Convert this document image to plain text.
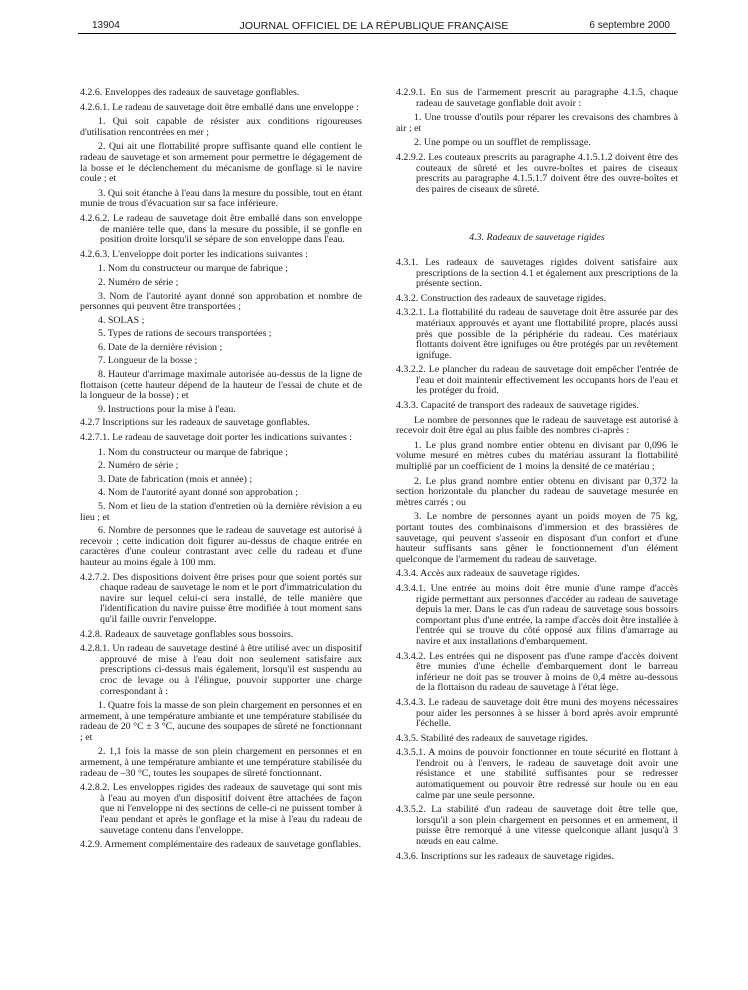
13904	JOURNAL OFFICIEL DE LA RÉPUBLIQUE FRANÇAISE	6 septembre 2000

4.2.6. Enveloppes des radeaux de sauvetage gonflables.

4.2.6.1. Le radeau de sauvetage doit être emballé dans une enveloppe :

1. Qui soit capable de résister aux conditions rigoureuses d'utilisation rencontrées en mer ;

2. Qui ait une flottabilité propre suffisante quand elle contient le radeau de sauvetage et son armement pour permettre le dégagement de la bosse et le déclenchement du mécanisme de gonflage si le navire coule ; et

3. Qui soit étanche à l'eau dans la mesure du possible, tout en étant munie de trous d'évacuation sur sa face inférieure.

4.2.6.2. Le radeau de sauvetage doit être emballé dans son enveloppe de manière telle que, dans la mesure du possible, il se gonfle en position droite lorsqu'il se sépare de son enveloppe dans l'eau.

4.2.6.3. L'enveloppe doit porter les indications suivantes :

1. Nom du constructeur ou marque de fabrique ;

2. Numéro de série ;

3. Nom de l'autorité ayant donné son approbation et nombre de personnes qui peuvent être transportées ;

4. SOLAS ;

5. Types de rations de secours transportées ;

6. Date de la dernière révision ;

7. Longueur de la bosse ;

8. Hauteur d'arrimage maximale autorisée au-dessus de la ligne de flottaison (cette hauteur dépend de la hauteur de l'essai de chute et de la longueur de la bosse) ; et

9. Instructions pour la mise à l'eau.

4.2.7 Inscriptions sur les radeaux de sauvetage gonflables.

4.2.7.1. Le radeau de sauvetage doit porter les indications suivantes :

1. Nom du constructeur ou marque de fabrique ;

2. Numéro de série ;

3. Date de fabrication (mois et année) ;

4. Nom de l'autorité ayant donné son approbation ;

5. Nom et lieu de la station d'entretien où la dernière révision a eu lieu ; et

6. Nombre de personnes que le radeau de sauvetage est autorisé à recevoir ; cette indication doit figurer au-dessus de chaque entrée en caractères d'une couleur contrastant avec celle du radeau et d'une hauteur au moins égale à 100 mm.

4.2.7.2. Des dispositions doivent être prises pour que soient portés sur chaque radeau de sauvetage le nom et le port d'immatriculation du navire sur lequel celui-ci sera installé, de telle manière que l'identification du navire puisse être modifiée à tout moment sans qu'il faille ouvrir l'enveloppe.

4.2.8. Radeaux de sauvetage gonflables sous bossoirs.

4.2.8.1. Un radeau de sauvetage destiné à être utilisé avec un dispositif approuvé de mise à l'eau doit non seulement satisfaire aux prescriptions ci-dessus mais également, lorsqu'il est suspendu au croc de levage ou à l'élingue, pouvoir supporter une charge correspondant à :

1. Quatre fois la masse de son plein chargement en personnes et en armement, à une température ambiante et une température stabilisée du radeau de 20 °C ± 3 °C, aucune des soupapes de sûreté ne fonctionnant ; et

2. 1,1 fois la masse de son plein chargement en personnes et en armement, à une température ambiante et une température stabilisée du radeau de –30 °C, toutes les soupapes de sûreté fonctionnant.

4.2.8.2. Les enveloppes rigides des radeaux de sauvetage qui sont mis à l'eau au moyen d'un dispositif doivent être attachées de façon que ni l'enveloppe ni des sections de celle-ci ne puissent tomber à l'eau pendant et après le gonflage et la mise à l'eau du radeau de sauvetage contenu dans l'enveloppe.

4.2.9. Armement complémentaire des radeaux de sauvetage gonflables.

4.2.9.1. En sus de l'armement prescrit au paragraphe 4.1.5, chaque radeau de sauvetage gonflable doit avoir :

1. Une trousse d'outils pour réparer les crevaisons des chambres à air ; et

2. Une pompe ou un soufflet de remplissage.

4.2.9.2. Les couteaux prescrits au paragraphe 4.1.5.1.2 doivent être des couteaux de sûreté et les ouvre-boîtes et paires de ciseaux prescrits au paragraphe 4.1.5.1.7 doivent être des ouvre-boîtes et des paires de ciseaux de sûreté.

4.3. Radeaux de sauvetage rigides

4.3.1. Les radeaux de sauvetages rigides doivent satisfaire aux prescriptions de la section 4.1 et également aux prescriptions de la présente section.

4.3.2. Construction des radeaux de sauvetage rigides.

4.3.2.1. La flottabilité du radeau de sauvetage doit être assurée par des matériaux approuvés et ayant une flottabilité propre, placés aussi près que possible de la périphérie du radeau. Ces matériaux flottants doivent être ignifuges ou être protégés par un revêtement ignifuge.

4.3.2.2. Le plancher du radeau de sauvetage doit empêcher l'entrée de l'eau et doit maintenir effectivement les occupants hors de l'eau et les protéger du froid.

4.3.3. Capacité de transport des radeaux de sauvetage rigides.

Le nombre de personnes que le radeau de sauvetage est autorisé à recevoir doit être égal au plus faible des nombres ci-après :

1. Le plus grand nombre entier obtenu en divisant par 0,096 le volume mesuré en mètres cubes du matériau assurant la flottabilité multiplié par un coefficient de 1 moins la densité de ce matériau ;

2. Le plus grand nombre entier obtenu en divisant par 0,372 la section horizontale du plancher du radeau de sauvetage mesurée en mètres carrés ; ou

3. Le nombre de personnes ayant un poids moyen de 75 kg, portant toutes des combinaisons d'immersion et des brassières de sauvetage, qui peuvent s'asseoir en disposant d'un confort et d'une hauteur suffisants sans gêner le fonctionnement d'un élément quelconque de l'armement du radeau de sauvetage.

4.3.4. Accès aux radeaux de sauvetage rigides.

4.3.4.1. Une entrée au moins doit être munie d'une rampe d'accès rigide permettant aux personnes d'accéder au radeau de sauvetage depuis la mer. Dans le cas d'un radeau de sauvetage sous bossoirs comportant plus d'une entrée, la rampe d'accès doit être installée à l'entrée qui se trouve du côté opposé aux filins d'amarrage au navire et aux installations d'embarquement.

4.3.4.2. Les entrées qui ne disposent pas d'une rampe d'accès doivent être munies d'une échelle d'embarquement dont le barreau inférieur ne doit pas se trouver à moins de 0,4 mètre au-dessous de la flottaison du radeau de sauvetage à l'état lège.

4.3.4.3. Le radeau de sauvetage doit être muni des moyens nécessaires pour aider les personnes à se hisser à bord après avoir emprunté l'échelle.

4.3.5. Stabilité des radeaux de sauvetage rigides.

4.3.5.1. A moins de pouvoir fonctionner en toute sécurité en flottant à l'endroit ou à l'envers, le radeau de sauvetage doit avoir une résistance et une stabilité suffisantes pour se redresser automatiquement ou pouvoir être redressé sur houle ou en eau calme par une seule personne.

4.3.5.2. La stabilité d'un radeau de sauvetage doit être telle que, lorsqu'il a son plein chargement en personnes et en armement, il puisse être remorqué à une vitesse quelconque allant jusqu'à 3 nœuds en eau calme.

4.3.6. Inscriptions sur les radeaux de sauvetage rigides.
